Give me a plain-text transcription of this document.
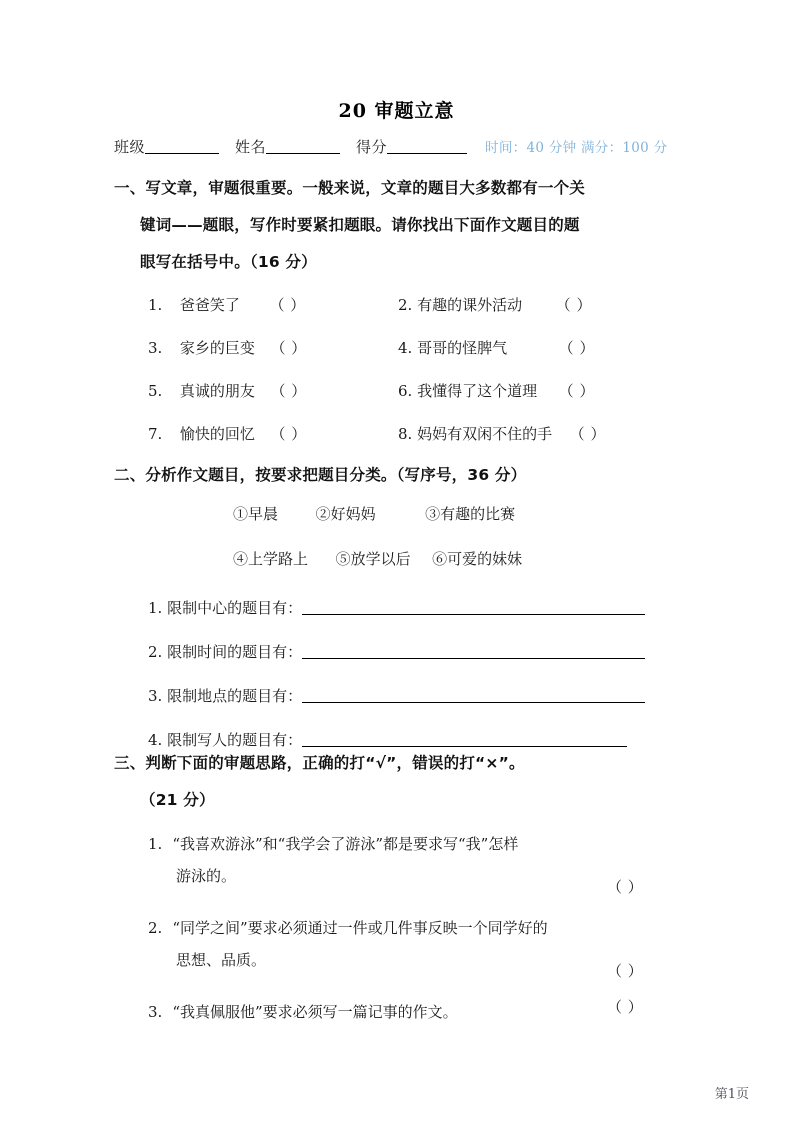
20 审题立意
班级	姓名	得分	时间：40 分钟 满分：100 分
一、写文章，审题很重要。一般来说，文章的题目大多数都有一个关
键词——题眼，写作时要紧扣题眼。请你找出下面作文题目的题
眼写在括号中。（16 分）
1. 爸爸笑了 （ ）	2. 有趣的课外活动 （ ）
3. 家乡的巨变 （ ）	4. 哥哥的怪脾气	（ ）
5. 真诚的朋友 （ ）	6. 我懂得了这个道理 （ ）
7. 愉快的回忆 （ ）	8. 妈妈有双闲不住的手 （ ）
二、分析作文题目，按要求把题目分类。（写序号，36 分）
①早晨	②好妈妈	③有趣的比赛
④上学路上 ⑤放学以后 ⑥可爱的妹妹
1. 限制中心的题目有：
2. 限制时间的题目有：
3. 限制地点的题目有：
4. 限制写人的题目有：
三、判断下面的审题思路，正确的打“√”，错误的打“×”。
（21 分）
1. “我喜欢游泳”和“我学会了游泳”都是要求写“我”怎样
游泳的。
（ ）
2. “同学之间”要求必须通过一件或几件事反映一个同学好的
思想、品质。
（ ）
3. “我真佩服他”要求必须写一篇记事的作文。	（ ）
第1页
